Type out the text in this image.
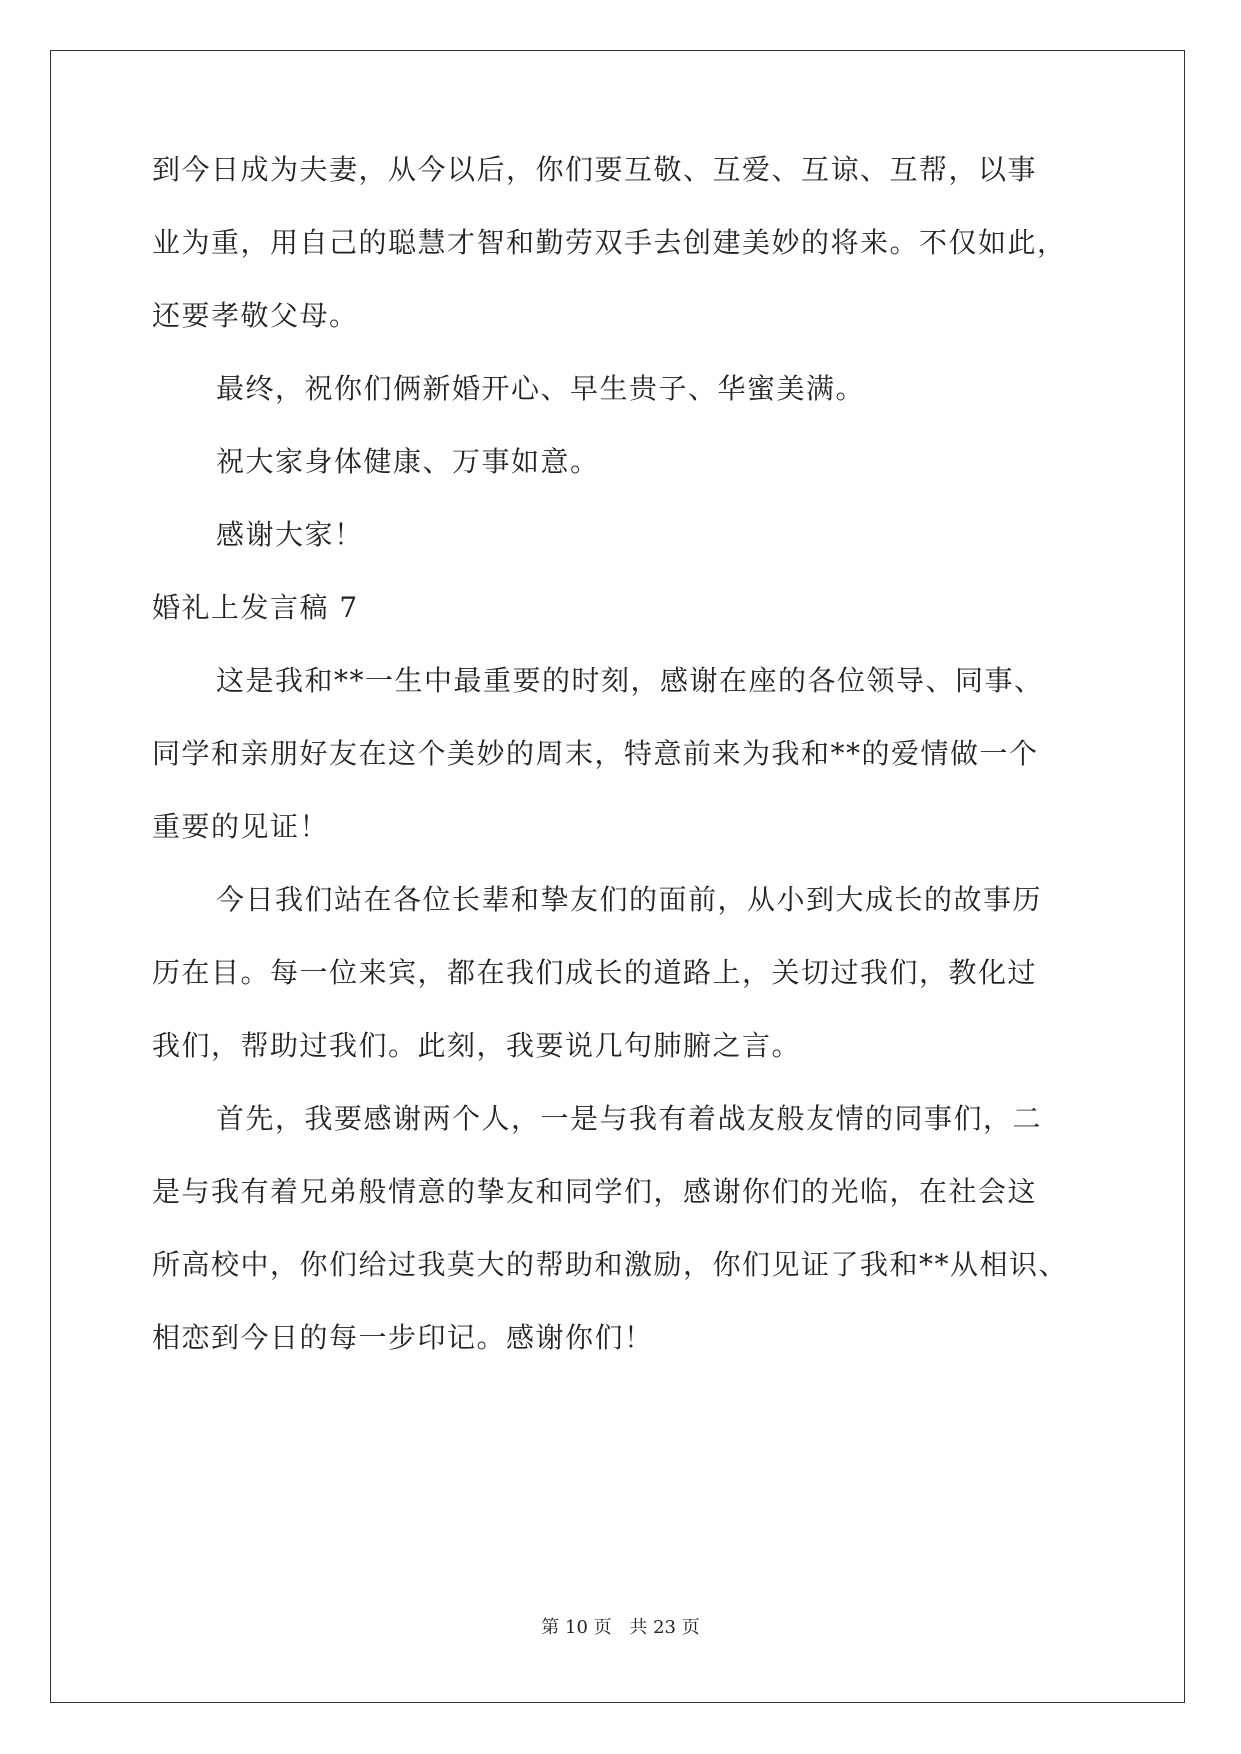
到今日成为夫妻，从今以后，你们要互敬、互爱、互谅、互帮，以事
业为重，用自己的聪慧才智和勤劳双手去创建美妙的将来。不仅如此，
还要孝敬父母。
最终，祝你们俩新婚开心、早生贵子、华蜜美满。
祝大家身体健康、万事如意。
感谢大家！
婚礼上发言稿 7
这是我和**一生中最重要的时刻，感谢在座的各位领导、同事、
同学和亲朋好友在这个美妙的周末，特意前来为我和**的爱情做一个
重要的见证！
今日我们站在各位长辈和挚友们的面前，从小到大成长的故事历
历在目。每一位来宾，都在我们成长的道路上，关切过我们，教化过
我们，帮助过我们。此刻，我要说几句肺腑之言。
首先，我要感谢两个人，一是与我有着战友般友情的同事们，二
是与我有着兄弟般情意的挚友和同学们，感谢你们的光临，在社会这
所高校中，你们给过我莫大的帮助和激励，你们见证了我和**从相识、
相恋到今日的每一步印记。感谢你们！
第 10 页 共 23 页
